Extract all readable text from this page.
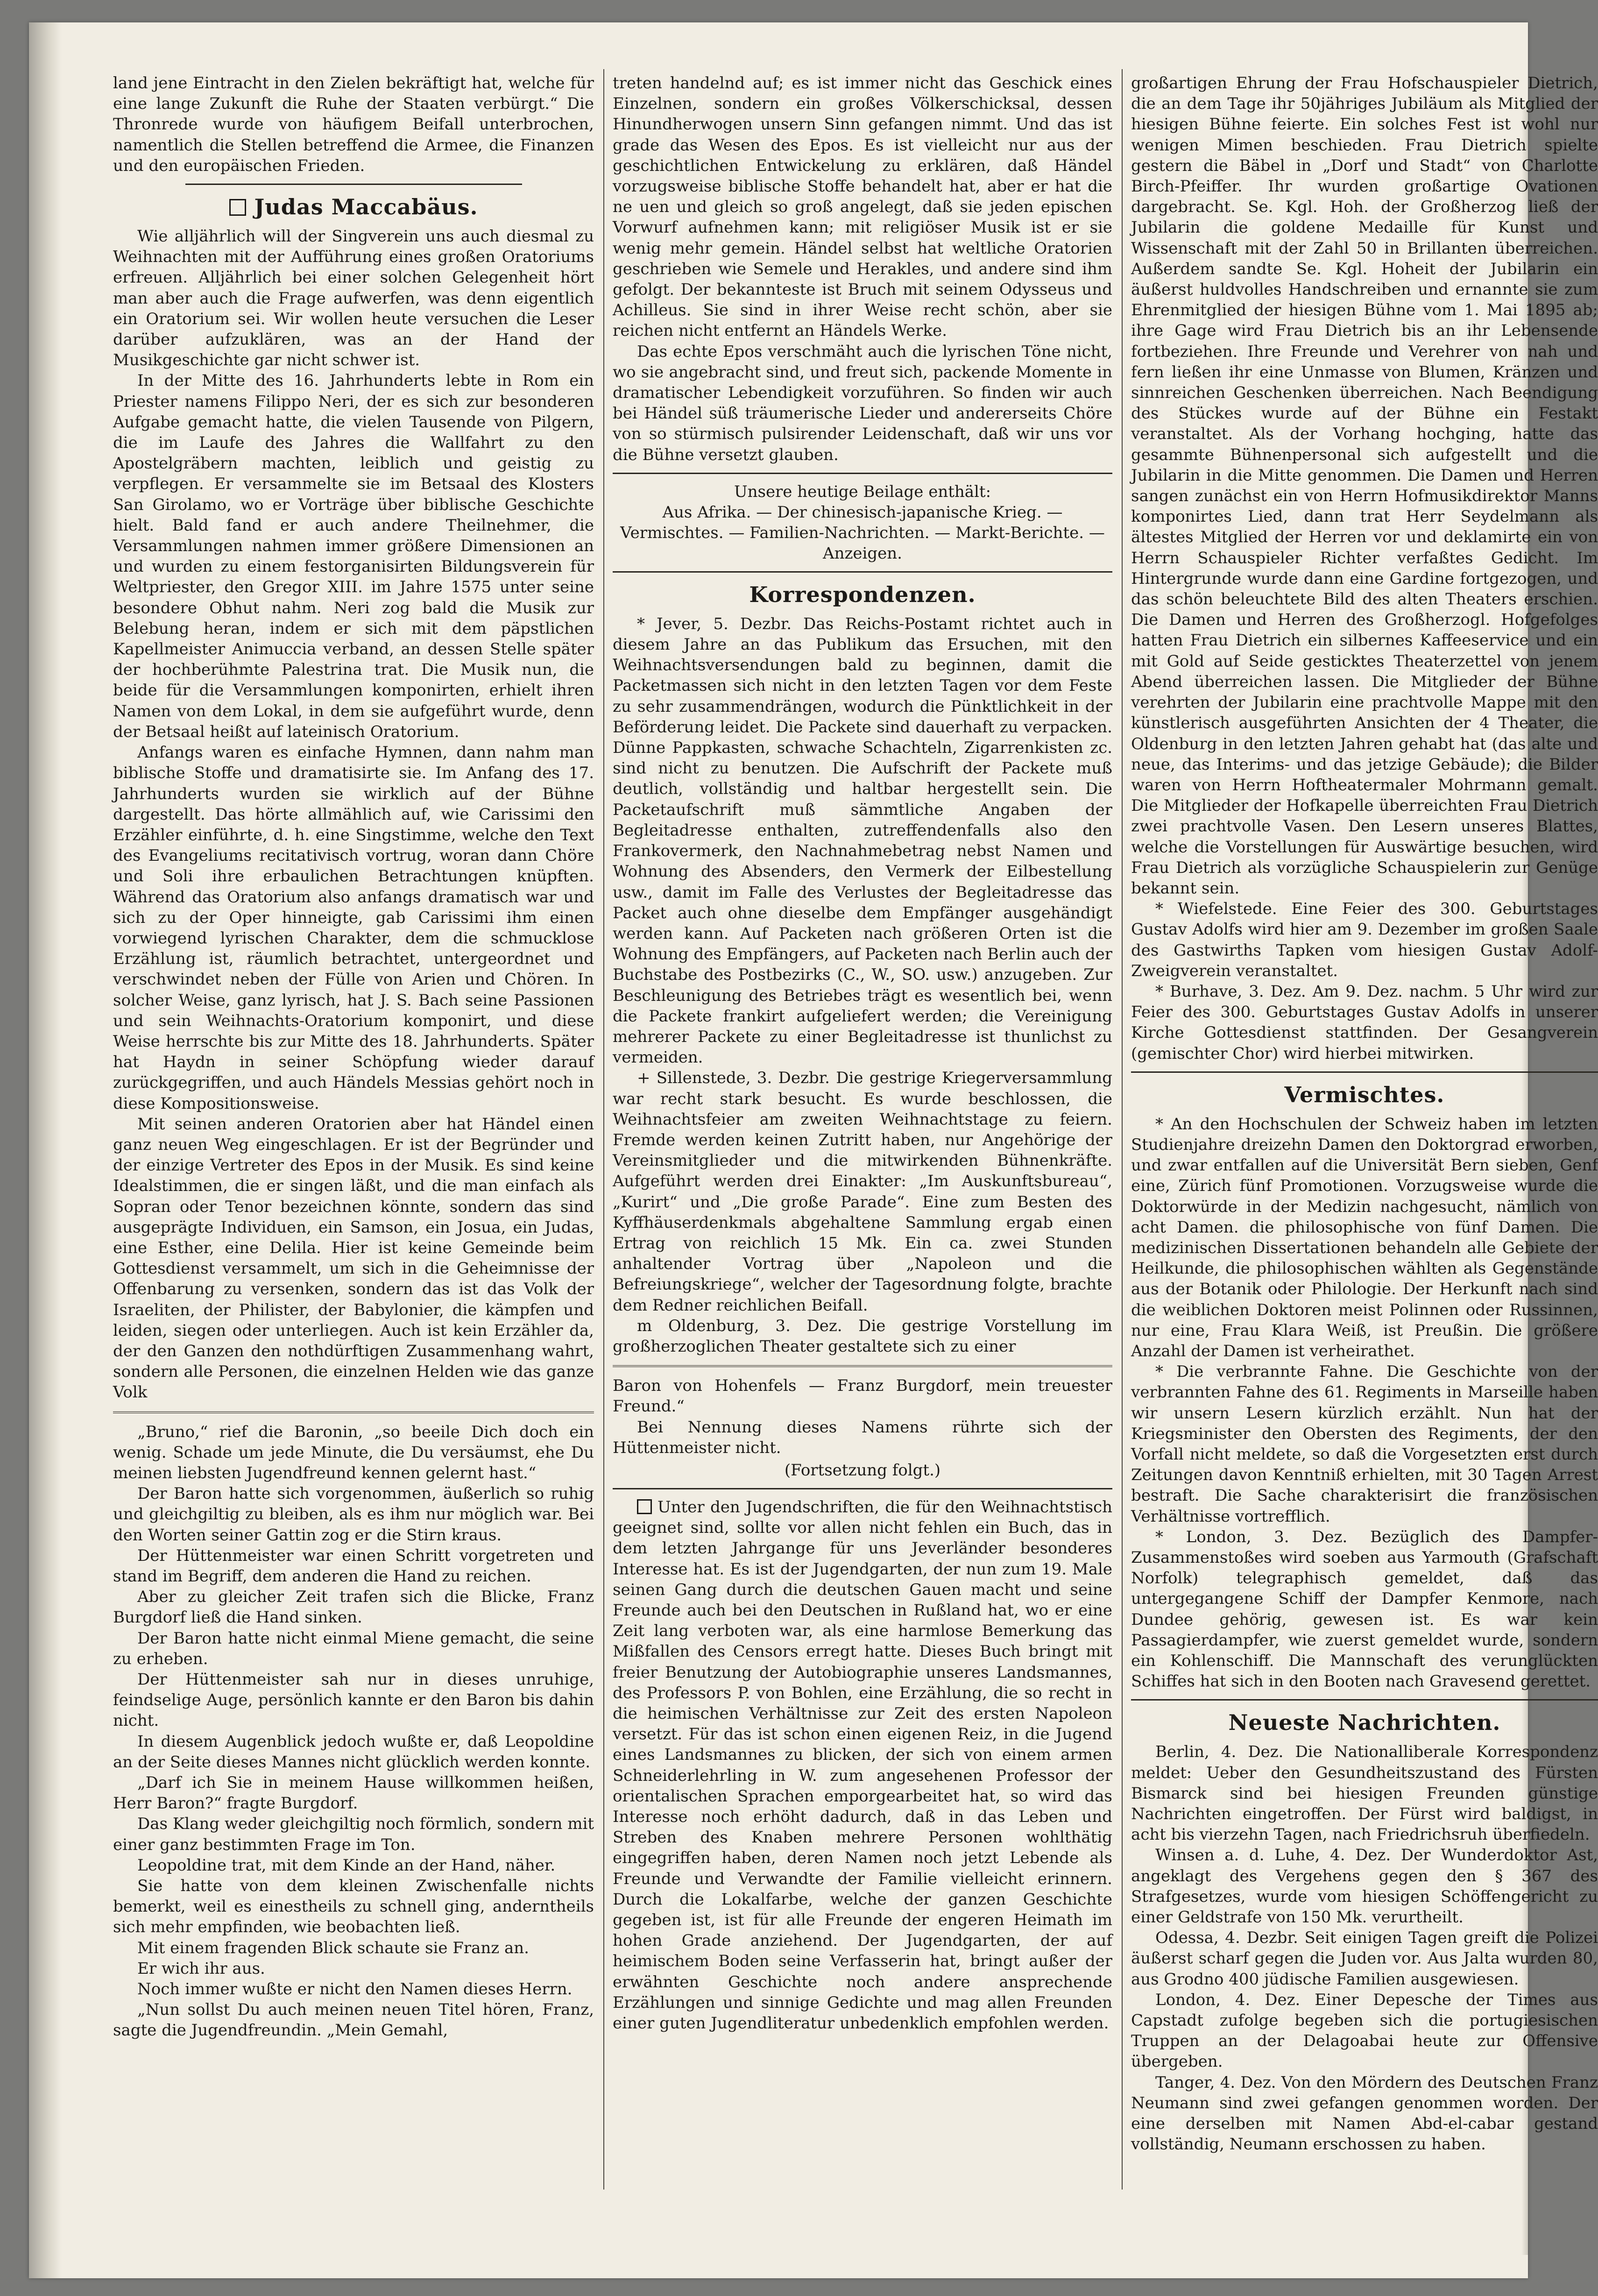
land jene Eintracht in den Zielen bekräftigt hat, welche für eine lange Zukunft die Ruhe der Staaten verbürgt.“ Die Thronrede wurde von häufigem Beifall unterbrochen, namentlich die Stellen betreffend die Armee, die Finanzen und den europäischen Frieden.

Judas Maccabäus.

Wie alljährlich will der Singverein uns auch diesmal zu Weihnachten mit der Aufführung eines großen Oratoriums erfreuen. Alljährlich bei einer solchen Gelegenheit hört man aber auch die Frage aufwerfen, was denn eigentlich ein Oratorium sei. Wir wollen heute versuchen die Leser darüber aufzuklären, was an der Hand der Musikgeschichte gar nicht schwer ist.

In der Mitte des 16. Jahrhunderts lebte in Rom ein Priester namens Filippo Neri, der es sich zur besonderen Aufgabe gemacht hatte, die vielen Tausende von Pilgern, die im Laufe des Jahres die Wallfahrt zu den Apostelgräbern machten, leiblich und geistig zu verpflegen. Er versammelte sie im Betsaal des Klosters San Girolamo, wo er Vorträge über biblische Geschichte hielt. Bald fand er auch andere Theilnehmer, die Versammlungen nahmen immer größere Dimensionen an und wurden zu einem festorganisirten Bildungsverein für Weltpriester, den Gregor XIII. im Jahre 1575 unter seine besondere Obhut nahm. Neri zog bald die Musik zur Belebung heran, indem er sich mit dem päpstlichen Kapellmeister Animuccia verband, an dessen Stelle später der hochberühmte Palestrina trat. Die Musik nun, die beide für die Versammlungen komponirten, erhielt ihren Namen von dem Lokal, in dem sie aufgeführt wurde, denn der Betsaal heißt auf lateinisch Oratorium.

Anfangs waren es einfache Hymnen, dann nahm man biblische Stoffe und dramatisirte sie. Im Anfang des 17. Jahrhunderts wurden sie wirklich auf der Bühne dargestellt. Das hörte allmählich auf, wie Carissimi den Erzähler einführte, d. h. eine Singstimme, welche den Text des Evangeliums recitativisch vortrug, woran dann Chöre und Soli ihre erbaulichen Betrachtungen knüpften. Während das Oratorium also anfangs dramatisch war und sich zu der Oper hinneigte, gab Carissimi ihm einen vorwiegend lyrischen Charakter, dem die schmucklose Erzählung ist, räumlich betrachtet, untergeordnet und verschwindet neben der Fülle von Arien und Chören. In solcher Weise, ganz lyrisch, hat J. S. Bach seine Passionen und sein Weihnachts-Oratorium komponirt, und diese Weise herrschte bis zur Mitte des 18. Jahrhunderts. Später hat Haydn in seiner Schöpfung wieder darauf zurückgegriffen, und auch Händels Messias gehört noch in diese Kompositionsweise.

Mit seinen anderen Oratorien aber hat Händel einen ganz neuen Weg eingeschlagen. Er ist der Begründer und der einzige Vertreter des Epos in der Musik. Es sind keine Idealstimmen, die er singen läßt, und die man einfach als Sopran oder Tenor bezeichnen könnte, sondern das sind ausgeprägte Individuen, ein Samson, ein Josua, ein Judas, eine Esther, eine Delila. Hier ist keine Gemeinde beim Gottesdienst versammelt, um sich in die Geheimnisse der Offenbarung zu versenken, sondern das ist das Volk der Israeliten, der Philister, der Babylonier, die kämpfen und leiden, siegen oder unterliegen. Auch ist kein Erzähler da, der den Ganzen den nothdürftigen Zusammenhang wahrt, sondern alle Personen, die einzelnen Helden wie das ganze Volk

„Bruno,“ rief die Baronin, „so beeile Dich doch ein wenig. Schade um jede Minute, die Du versäumst, ehe Du meinen liebsten Jugendfreund kennen gelernt hast.“

Der Baron hatte sich vorgenommen, äußerlich so ruhig und gleichgiltig zu bleiben, als es ihm nur möglich war. Bei den Worten seiner Gattin zog er die Stirn kraus.

Der Hüttenmeister war einen Schritt vorgetreten und stand im Begriff, dem anderen die Hand zu reichen.

Aber zu gleicher Zeit trafen sich die Blicke, Franz Burgdorf ließ die Hand sinken.

Der Baron hatte nicht einmal Miene gemacht, die seine zu erheben.

Der Hüttenmeister sah nur in dieses unruhige, feindselige Auge, persönlich kannte er den Baron bis dahin nicht.

In diesem Augenblick jedoch wußte er, daß Leopoldine an der Seite dieses Mannes nicht glücklich werden konnte.

„Darf ich Sie in meinem Hause willkommen heißen, Herr Baron?“ fragte Burgdorf.

Das Klang weder gleichgiltig noch förmlich, sondern mit einer ganz bestimmten Frage im Ton.

Leopoldine trat, mit dem Kinde an der Hand, näher.

Sie hatte von dem kleinen Zwischenfalle nichts bemerkt, weil es einestheils zu schnell ging, anderntheils sich mehr empfinden, wie beobachten ließ.

Mit einem fragenden Blick schaute sie Franz an.

Er wich ihr aus.

Noch immer wußte er nicht den Namen dieses Herrn.

„Nun sollst Du auch meinen neuen Titel hören, Franz, sagte die Jugendfreundin. „Mein Gemahl,

treten handelnd auf; es ist immer nicht das Geschick eines Einzelnen, sondern ein großes Völkerschicksal, dessen Hinundherwogen unsern Sinn gefangen nimmt. Und das ist grade das Wesen des Epos. Es ist vielleicht nur aus der geschichtlichen Entwickelung zu erklären, daß Händel vorzugsweise biblische Stoffe behandelt hat, aber er hat die ne uen und gleich so groß angelegt, daß sie jeden epischen Vorwurf aufnehmen kann; mit religiöser Musik ist er sie wenig mehr gemein. Händel selbst hat weltliche Oratorien geschrieben wie Semele und Herakles, und andere sind ihm gefolgt. Der bekannteste ist Bruch mit seinem Odysseus und Achilleus. Sie sind in ihrer Weise recht schön, aber sie reichen nicht entfernt an Händels Werke.

Das echte Epos verschmäht auch die lyrischen Töne nicht, wo sie angebracht sind, und freut sich, packende Momente in dramatischer Lebendigkeit vorzuführen. So finden wir auch bei Händel süß träumerische Lieder und andererseits Chöre von so stürmisch pulsirender Leidenschaft, daß wir uns vor die Bühne versetzt glauben.

Unsere heutige Beilage enthält:
Aus Afrika. — Der chinesisch-japanische Krieg. — Vermischtes. — Familien-Nachrichten. — Markt-Berichte. — Anzeigen.
Korrespondenzen.

* Jever, 5. Dezbr. Das Reichs-Postamt richtet auch in diesem Jahre an das Publikum das Ersuchen, mit den Weihnachtsversendungen bald zu beginnen, damit die Packetmassen sich nicht in den letzten Tagen vor dem Feste zu sehr zusammendrängen, wodurch die Pünktlichkeit in der Beförderung leidet. Die Packete sind dauerhaft zu verpacken. Dünne Pappkasten, schwache Schachteln, Zigarrenkisten zc. sind nicht zu benutzen. Die Aufschrift der Packete muß deutlich, vollständig und haltbar hergestellt sein. Die Packetaufschrift muß sämmtliche Angaben der Begleitadresse enthalten, zutreffendenfalls also den Frankovermerk, den Nachnahmebetrag nebst Namen und Wohnung des Absenders, den Vermerk der Eilbestellung usw., damit im Falle des Verlustes der Begleitadresse das Packet auch ohne dieselbe dem Empfänger ausgehändigt werden kann. Auf Packeten nach größeren Orten ist die Wohnung des Empfängers, auf Packeten nach Berlin auch der Buchstabe des Postbezirks (C., W., SO. usw.) anzugeben. Zur Beschleunigung des Betriebes trägt es wesentlich bei, wenn die Packete frankirt aufgeliefert werden; die Vereinigung mehrerer Packete zu einer Begleitadresse ist thunlichst zu vermeiden.

+ Sillenstede, 3. Dezbr. Die gestrige Kriegerversammlung war recht stark besucht. Es wurde beschlossen, die Weihnachtsfeier am zweiten Weihnachtstage zu feiern. Fremde werden keinen Zutritt haben, nur Angehörige der Vereinsmitglieder und die mitwirkenden Bühnenkräfte. Aufgeführt werden drei Einakter: „Im Auskunftsbureau“, „Kurirt“ und „Die große Parade“. Eine zum Besten des Kyffhäuserdenkmals abgehaltene Sammlung ergab einen Ertrag von reichlich 15 Mk. Ein ca. zwei Stunden anhaltender Vortrag über „Napoleon und die Befreiungskriege“, welcher der Tagesordnung folgte, brachte dem Redner reichlichen Beifall.

m Oldenburg, 3. Dez. Die gestrige Vorstellung im großherzoglichen Theater gestaltete sich zu einer

Baron von Hohenfels — Franz Burgdorf, mein treuester Freund.“

Bei Nennung dieses Namens rührte sich der Hüttenmeister nicht.

(Fortsetzung folgt.)

Unter den Jugendschriften, die für den Weihnachtstisch geeignet sind, sollte vor allen nicht fehlen ein Buch, das in dem letzten Jahrgange für uns Jeverländer besonderes Interesse hat. Es ist der Jugendgarten, der nun zum 19. Male seinen Gang durch die deutschen Gauen macht und seine Freunde auch bei den Deutschen in Rußland hat, wo er eine Zeit lang verboten war, als eine harmlose Bemerkung das Mißfallen des Censors erregt hatte. Dieses Buch bringt mit freier Benutzung der Autobiographie unseres Landsmannes, des Professors P. von Bohlen, eine Erzählung, die so recht in die heimischen Verhältnisse zur Zeit des ersten Napoleon versetzt. Für das ist schon einen eigenen Reiz, in die Jugend eines Landsmannes zu blicken, der sich von einem armen Schneiderlehrling in W. zum angesehenen Professor der orientalischen Sprachen emporgearbeitet hat, so wird das Interesse noch erhöht dadurch, daß in das Leben und Streben des Knaben mehrere Personen wohlthätig eingegriffen haben, deren Namen noch jetzt Lebende als Freunde und Verwandte der Familie vielleicht erinnern. Durch die Lokalfarbe, welche der ganzen Geschichte gegeben ist, ist für alle Freunde der engeren Heimath im hohen Grade anziehend. Der Jugendgarten, der auf heimischem Boden seine Verfasserin hat, bringt außer der erwähnten Geschichte noch andere ansprechende Erzählungen und sinnige Gedichte und mag allen Freunden einer guten Jugendliteratur unbedenklich empfohlen werden.

großartigen Ehrung der Frau Hofschauspieler Dietrich, die an dem Tage ihr 50jähriges Jubiläum als Mitglied der hiesigen Bühne feierte. Ein solches Fest ist wohl nur wenigen Mimen beschieden. Frau Dietrich spielte gestern die Bäbel in „Dorf und Stadt“ von Charlotte Birch-Pfeiffer. Ihr wurden großartige Ovationen dargebracht. Se. Kgl. Hoh. der Großherzog ließ der Jubilarin die goldene Medaille für Kunst und Wissenschaft mit der Zahl 50 in Brillanten überreichen. Außerdem sandte Se. Kgl. Hoheit der Jubilarin ein äußerst huldvolles Handschreiben und ernannte sie zum Ehrenmitglied der hiesigen Bühne vom 1. Mai 1895 ab; ihre Gage wird Frau Dietrich bis an ihr Lebensende fortbeziehen. Ihre Freunde und Verehrer von nah und fern ließen ihr eine Unmasse von Blumen, Kränzen und sinnreichen Geschenken überreichen. Nach Beendigung des Stückes wurde auf der Bühne ein Festakt veranstaltet. Als der Vorhang hochging, hatte das gesammte Bühnenpersonal sich aufgestellt und die Jubilarin in die Mitte genommen. Die Damen und Herren sangen zunächst ein von Herrn Hofmusikdirektor Manns komponirtes Lied, dann trat Herr Seydelmann als ältestes Mitglied der Herren vor und deklamirte ein von Herrn Schauspieler Richter verfaßtes Gedicht. Im Hintergrunde wurde dann eine Gardine fortgezogen, und das schön beleuchtete Bild des alten Theaters erschien. Die Damen und Herren des Großherzogl. Hofgefolges hatten Frau Dietrich ein silbernes Kaffeeservice und ein mit Gold auf Seide gesticktes Theaterzettel von jenem Abend überreichen lassen. Die Mitglieder der Bühne verehrten der Jubilarin eine prachtvolle Mappe mit den künstlerisch ausgeführten Ansichten der 4 Theater, die Oldenburg in den letzten Jahren gehabt hat (das alte und neue, das Interims- und das jetzige Gebäude); die Bilder waren von Herrn Hoftheatermaler Mohrmann gemalt. Die Mitglieder der Hofkapelle überreichten Frau Dietrich zwei prachtvolle Vasen. Den Lesern unseres Blattes, welche die Vorstellungen für Auswärtige besuchen, wird Frau Dietrich als vorzügliche Schauspielerin zur Genüge bekannt sein.

* Wiefelstede. Eine Feier des 300. Geburtstages Gustav Adolfs wird hier am 9. Dezember im großen Saale des Gastwirths Tapken vom hiesigen Gustav Adolf-Zweigverein veranstaltet.

* Burhave, 3. Dez. Am 9. Dez. nachm. 5 Uhr wird zur Feier des 300. Geburtstages Gustav Adolfs in unserer Kirche Gottesdienst stattfinden. Der Gesangverein (gemischter Chor) wird hierbei mitwirken.

Vermischtes.

* An den Hochschulen der Schweiz haben im letzten Studienjahre dreizehn Damen den Doktorgrad erworben, und zwar entfallen auf die Universität Bern sieben, Genf eine, Zürich fünf Promotionen. Vorzugsweise wurde die Doktorwürde in der Medizin nachgesucht, nämlich von acht Damen. die philosophische von fünf Damen. Die medizinischen Dissertationen behandeln alle Gebiete der Heilkunde, die philosophischen wählten als Gegenstände aus der Botanik oder Philologie. Der Herkunft nach sind die weiblichen Doktoren meist Polinnen oder Russinnen, nur eine, Frau Klara Weiß, ist Preußin. Die größere Anzahl der Damen ist verheirathet.

* Die verbrannte Fahne. Die Geschichte von der verbrannten Fahne des 61. Regiments in Marseille haben wir unsern Lesern kürzlich erzählt. Nun hat der Kriegsminister den Obersten des Regiments, der den Vorfall nicht meldete, so daß die Vorgesetzten erst durch Zeitungen davon Kenntniß erhielten, mit 30 Tagen Arrest bestraft. Die Sache charakterisirt die französischen Verhältnisse vortrefflich.

* London, 3. Dez. Bezüglich des Dampfer-Zusammenstoßes wird soeben aus Yarmouth (Grafschaft Norfolk) telegraphisch gemeldet, daß das untergegangene Schiff der Dampfer Kenmore, nach Dundee gehörig, gewesen ist. Es war kein Passagierdampfer, wie zuerst gemeldet wurde, sondern ein Kohlenschiff. Die Mannschaft des verunglückten Schiffes hat sich in den Booten nach Gravesend gerettet.

Neueste Nachrichten.

Berlin, 4. Dez. Die Nationalliberale Korrespondenz meldet: Ueber den Gesundheitszustand des Fürsten Bismarck sind bei hiesigen Freunden günstige Nachrichten eingetroffen. Der Fürst wird baldigst, in acht bis vierzehn Tagen, nach Friedrichsruh überfiedeln.

Winsen a. d. Luhe, 4. Dez. Der Wunderdoktor Ast, angeklagt des Vergehens gegen den § 367 des Strafgesetzes, wurde vom hiesigen Schöffengericht zu einer Geldstrafe von 150 Mk. verurtheilt.

Odessa, 4. Dezbr. Seit einigen Tagen greift die Polizei äußerst scharf gegen die Juden vor. Aus Jalta wurden 80, aus Grodno 400 jüdische Familien ausgewiesen.

London, 4. Dez. Einer Depesche der Times aus Capstadt zufolge begeben sich die portugiesischen Truppen an der Delagoabai heute zur Offensive übergeben.

Tanger, 4. Dez. Von den Mördern des Deutschen Franz Neumann sind zwei gefangen genommen worden. Der eine derselben mit Namen Abd-el-cabar gestand vollständig, Neumann erschossen zu haben.
